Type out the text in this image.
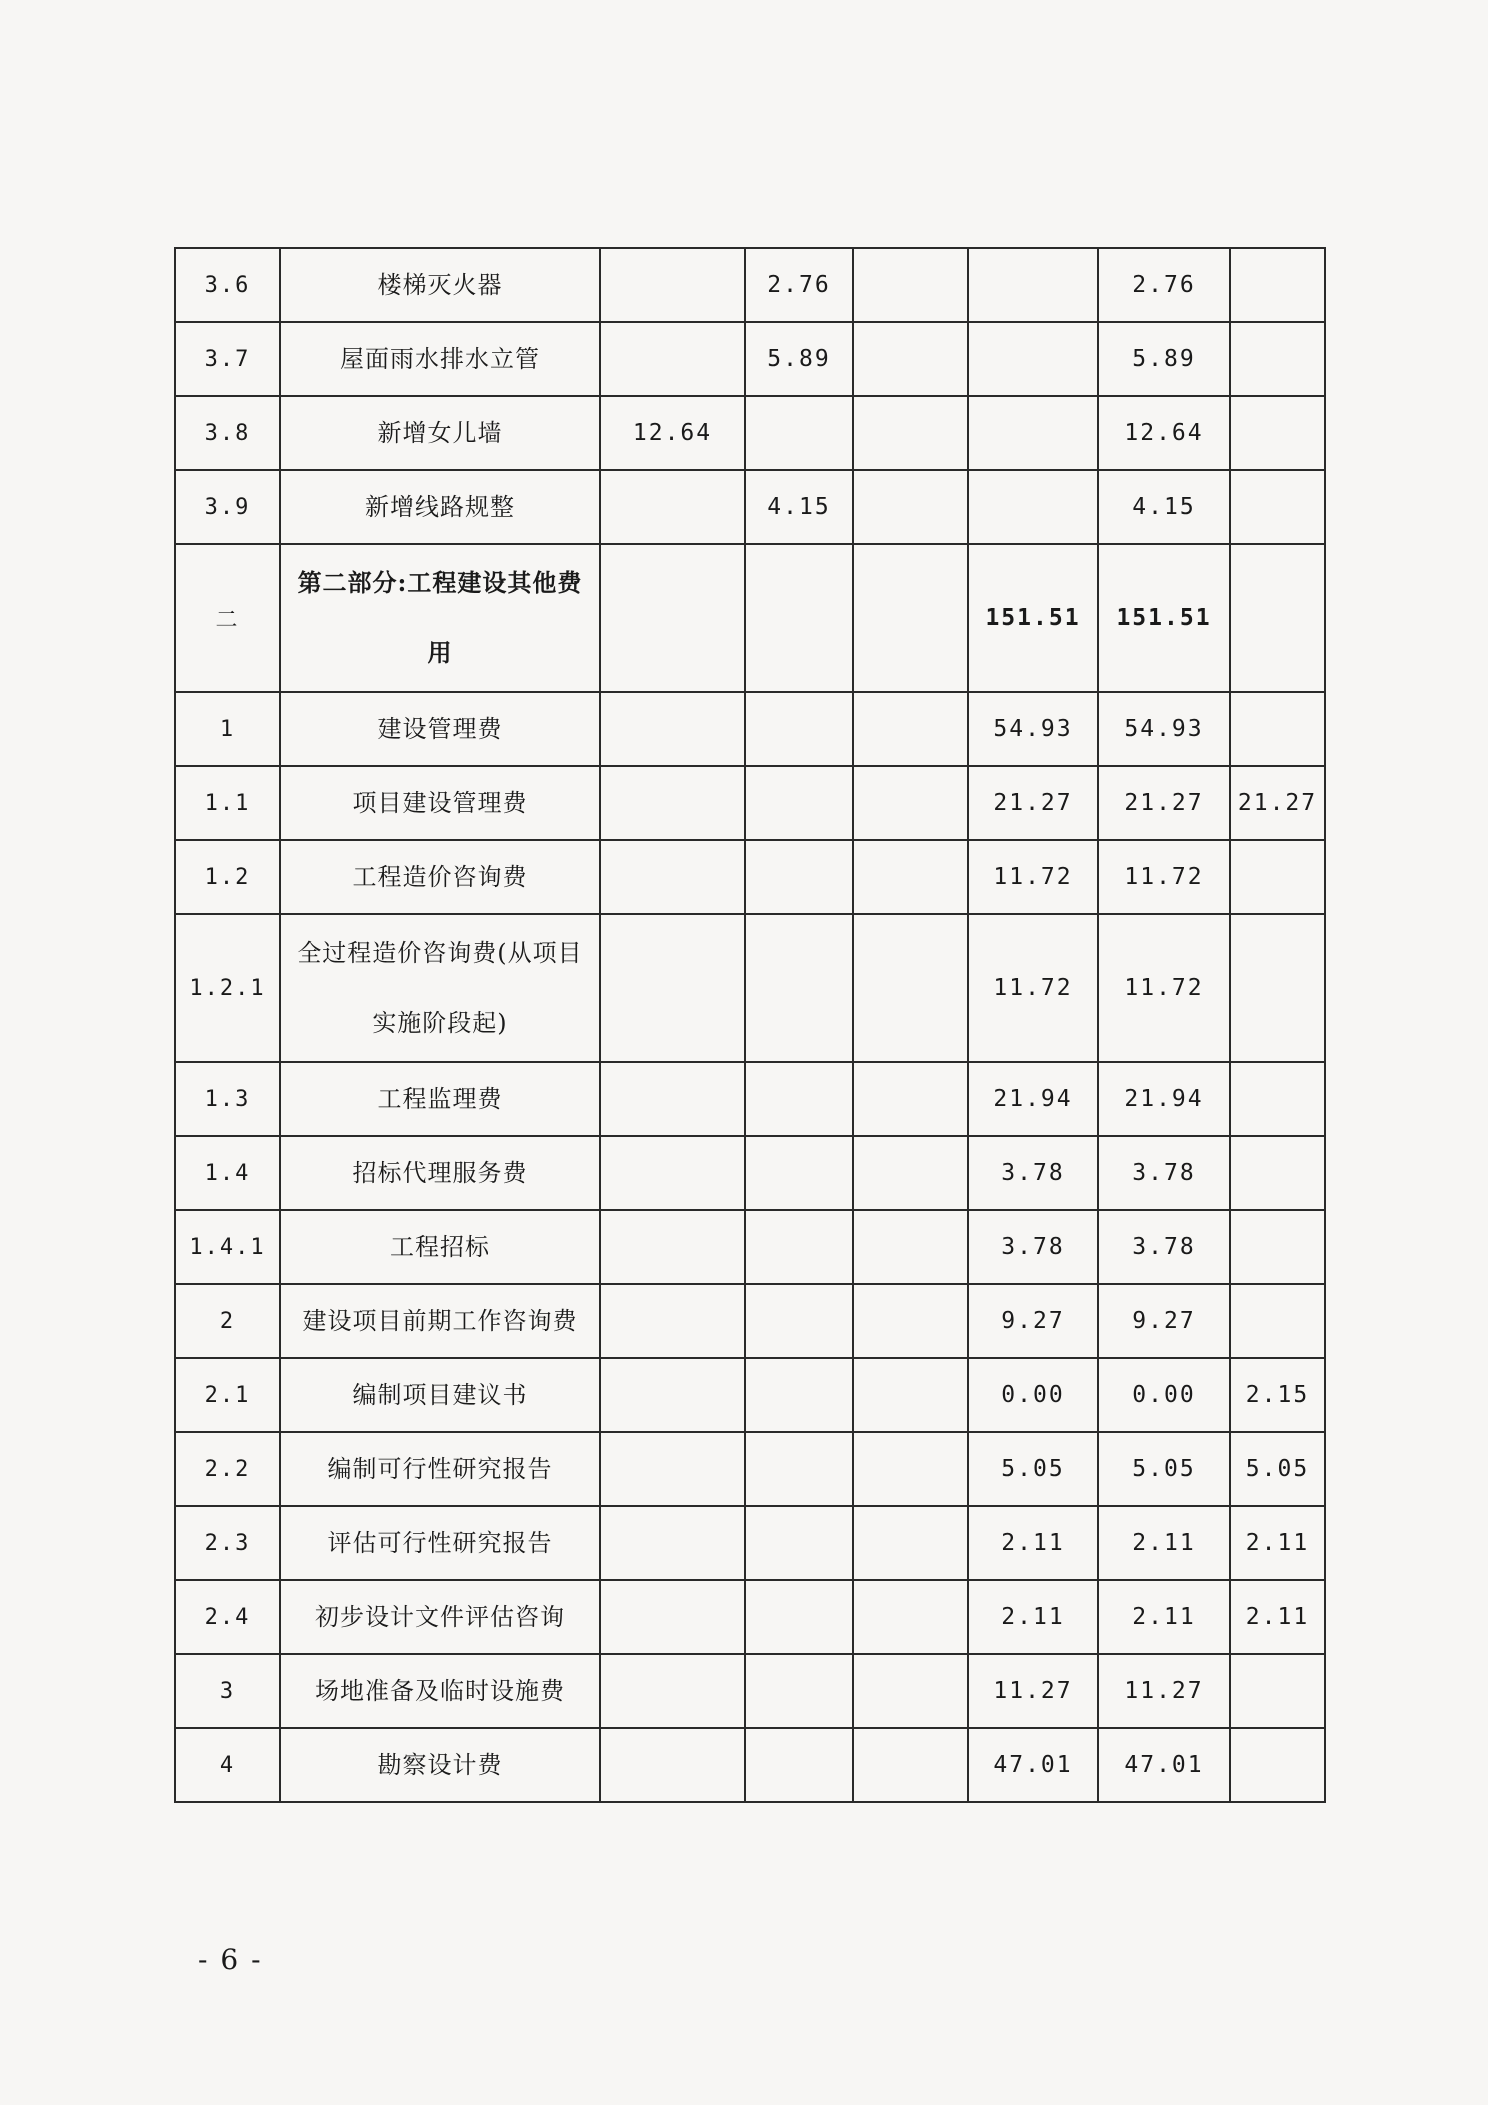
3.6	楼梯灭火器		2.76			2.76	
3.7	屋面雨水排水立管		5.89			5.89	
3.8	新增女儿墙	12.64				12.64	
3.9	新增线路规整		4.15			4.15	
二	第二部分:工程建设其他费用				151.51	151.51	
1	建设管理费				54.93	54.93	
1.1	项目建设管理费				21.27	21.27	21.27
1.2	工程造价咨询费				11.72	11.72	
1.2.1	全过程造价咨询费(从项目实施阶段起)				11.72	11.72	
1.3	工程监理费				21.94	21.94	
1.4	招标代理服务费				3.78	3.78	
1.4.1	工程招标				3.78	3.78	
2	建设项目前期工作咨询费				9.27	9.27	
2.1	编制项目建议书				0.00	0.00	2.15
2.2	编制可行性研究报告				5.05	5.05	5.05
2.3	评估可行性研究报告				2.11	2.11	2.11
2.4	初步设计文件评估咨询				2.11	2.11	2.11
3	场地准备及临时设施费				11.27	11.27	
4	勘察设计费				47.01	47.01	
- 6 -
